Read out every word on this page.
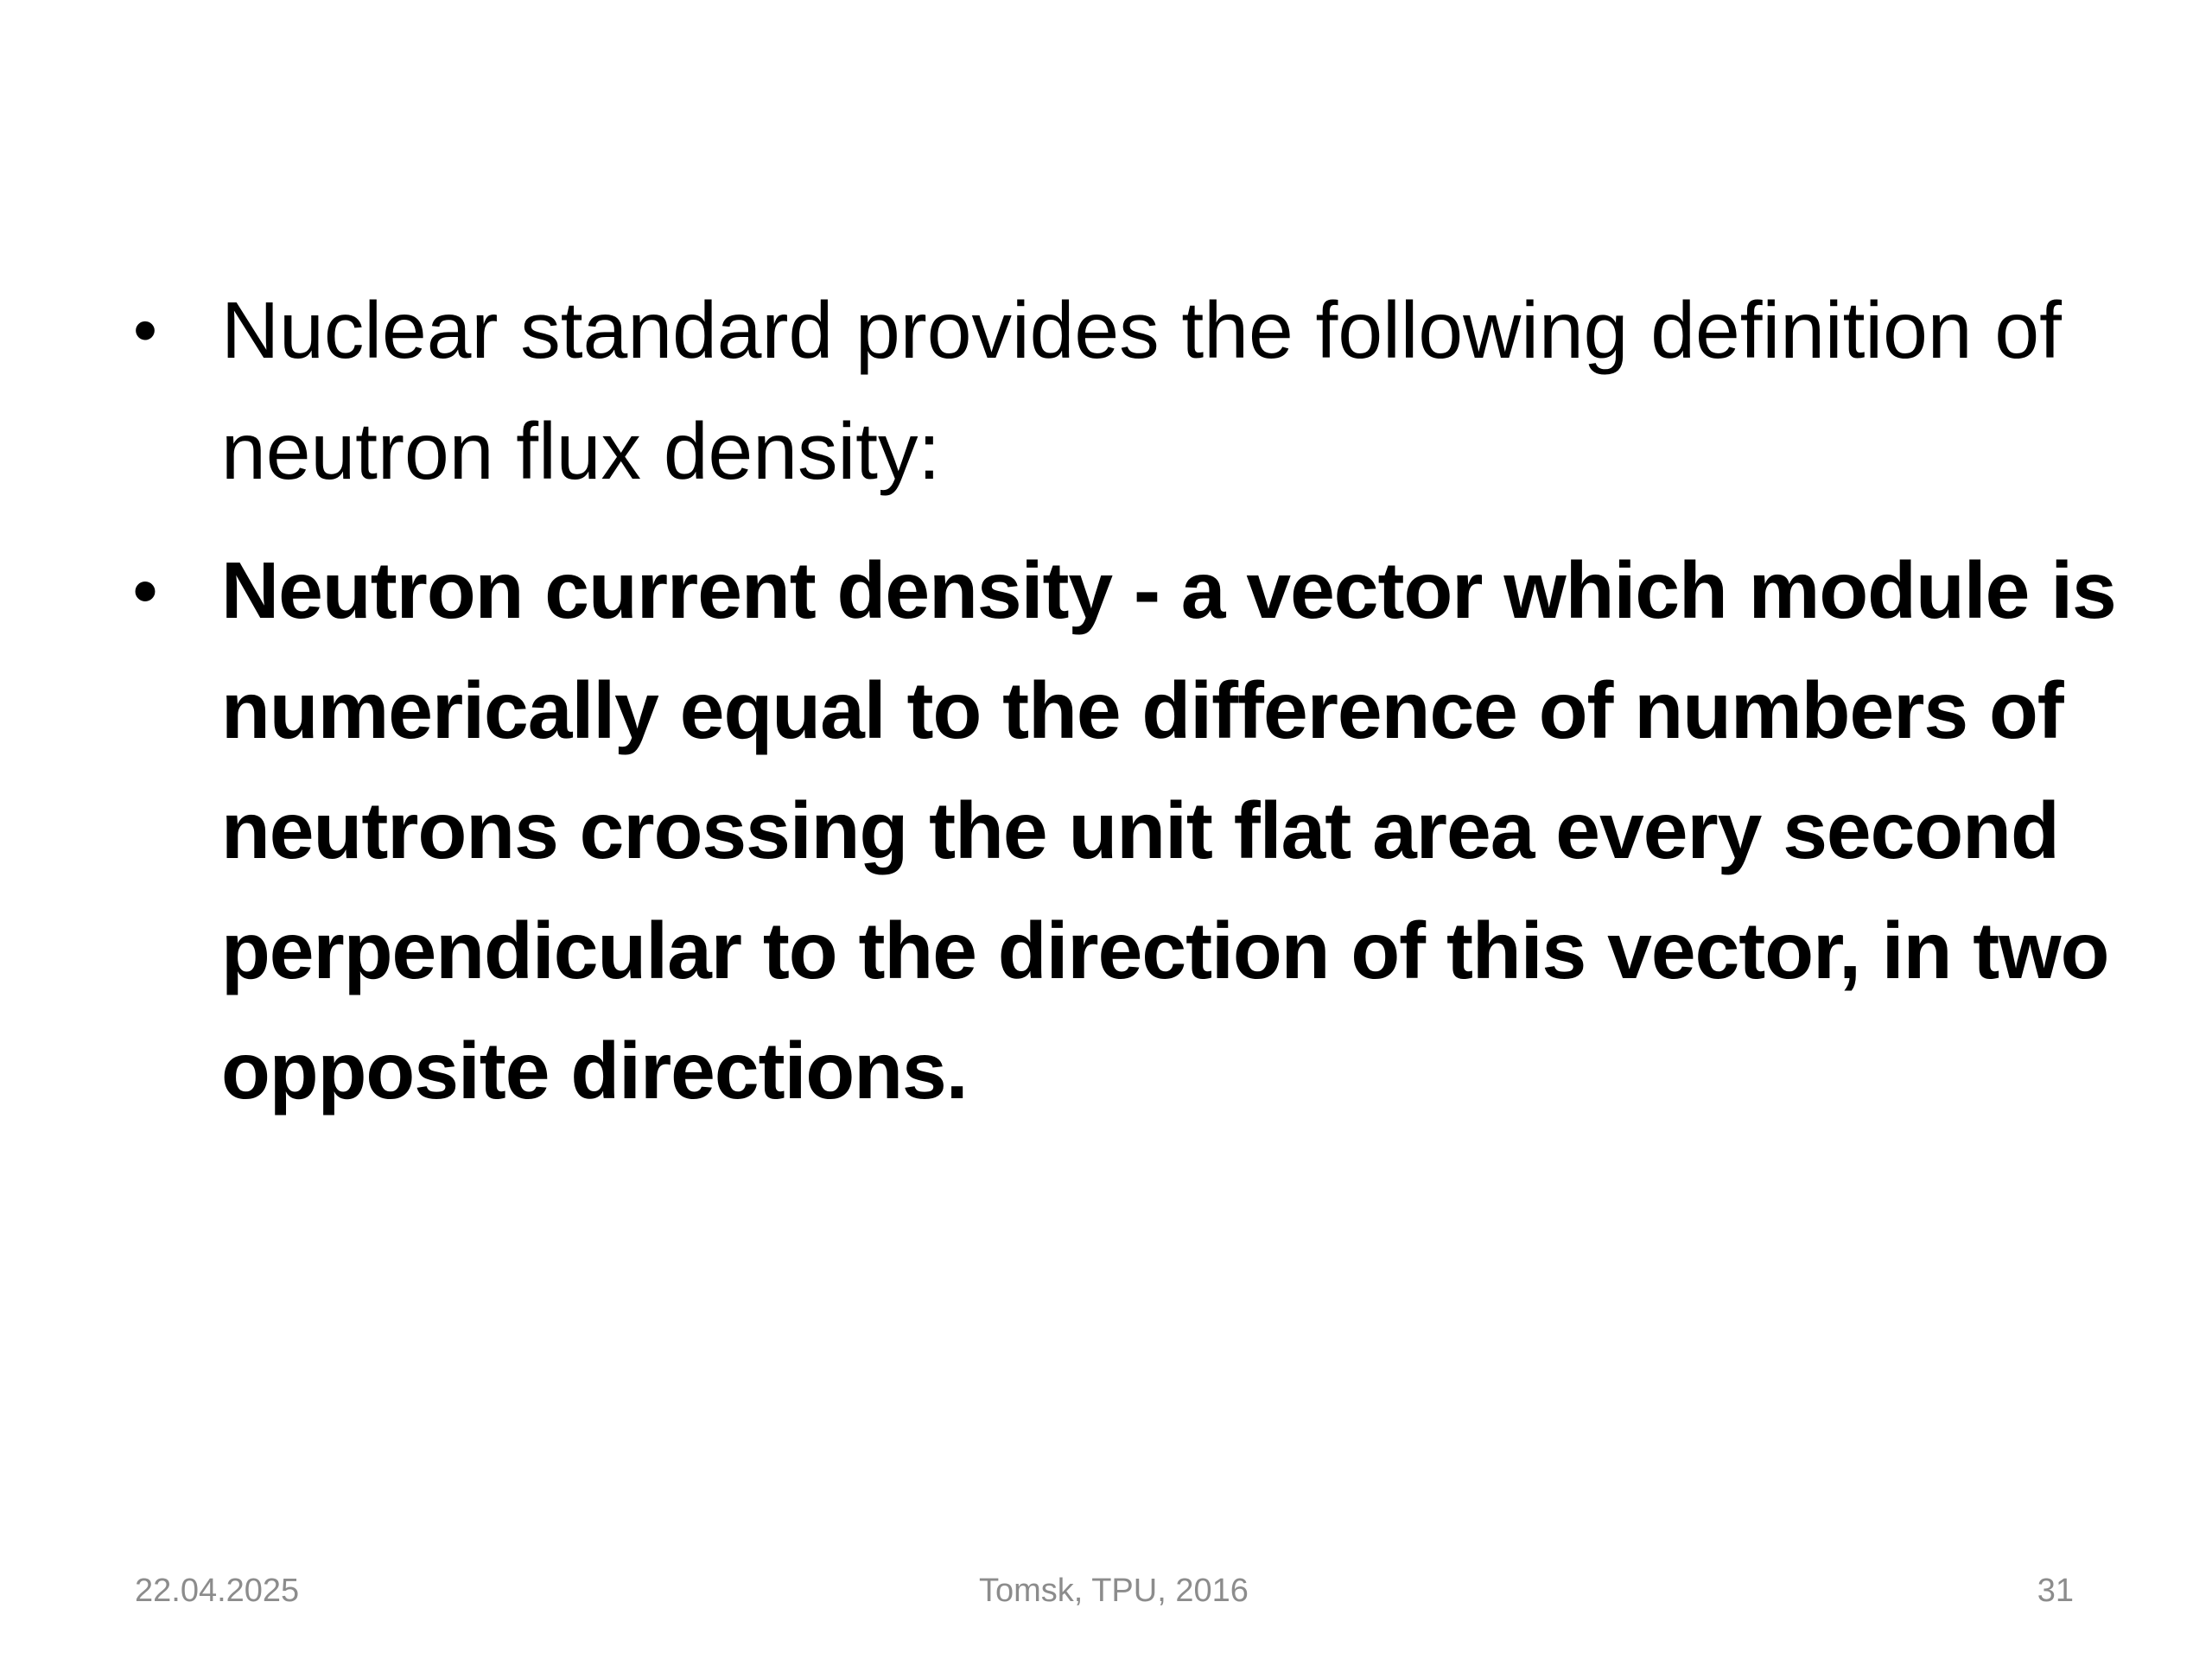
• Nuclear standard provides the following definition of neutron flux density:

• Neutron current density - a vector which module is numerically equal to the difference of numbers of neutrons crossing the unit flat area every second perpendicular to the direction of this vector, in two opposite directions.

22.04.2025	Tomsk, TPU, 2016	31
